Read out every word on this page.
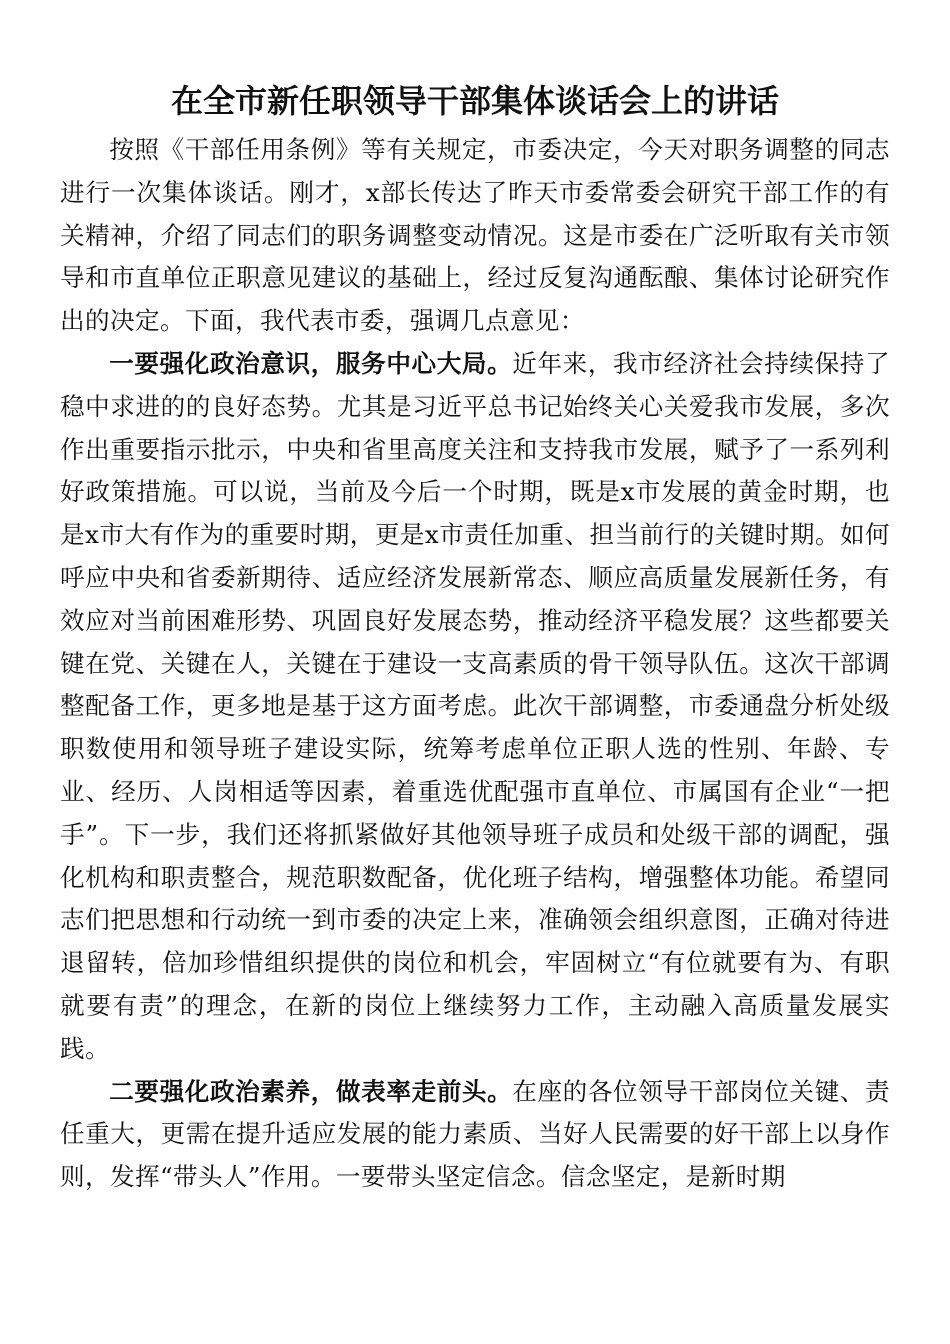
在全市新任职领导干部集体谈话会上的讲话

按照《干部任用条例》等有关规定，市委决定，今天对职务调整的同志进行一次集体谈话。刚才，x部长传达了昨天市委常委会研究干部工作的有关精神，介绍了同志们的职务调整变动情况。这是市委在广泛听取有关市领导和市直单位正职意见建议的基础上，经过反复沟通酝酿、集体讨论研究作出的决定。下面，我代表市委，强调几点意见：

一要强化政治意识，服务中心大局。近年来，我市经济社会持续保持了稳中求进的的良好态势。尤其是习近平总书记始终关心关爱我市发展，多次作出重要指示批示，中央和省里高度关注和支持我市发展，赋予了一系列利好政策措施。可以说，当前及今后一个时期，既是x市发展的黄金时期，也是x市大有作为的重要时期，更是x市责任加重、担当前行的关键时期。如何呼应中央和省委新期待、适应经济发展新常态、顺应高质量发展新任务，有效应对当前困难形势、巩固良好发展态势，推动经济平稳发展？这些都要关键在党、关键在人，关键在于建设一支高素质的骨干领导队伍。这次干部调整配备工作，更多地是基于这方面考虑。此次干部调整，市委通盘分析处级职数使用和领导班子建设实际，统筹考虑单位正职人选的性别、年龄、专业、经历、人岗相适等因素，着重选优配强市直单位、市属国有企业“一把手”。下一步，我们还将抓紧做好其他领导班子成员和处级干部的调配，强化机构和职责整合，规范职数配备，优化班子结构，增强整体功能。希望同志们把思想和行动统一到市委的决定上来，准确领会组织意图，正确对待进退留转，倍加珍惜组织提供的岗位和机会，牢固树立“有位就要有为、有职就要有责”的理念，在新的岗位上继续努力工作，主动融入高质量发展实践。

二要强化政治素养，做表率走前头。在座的各位领导干部岗位关键、责任重大，更需在提升适应发展的能力素质、当好人民需要的好干部上以身作则，发挥“带头人”作用。一要带头坚定信念。信念坚定，是新时期
